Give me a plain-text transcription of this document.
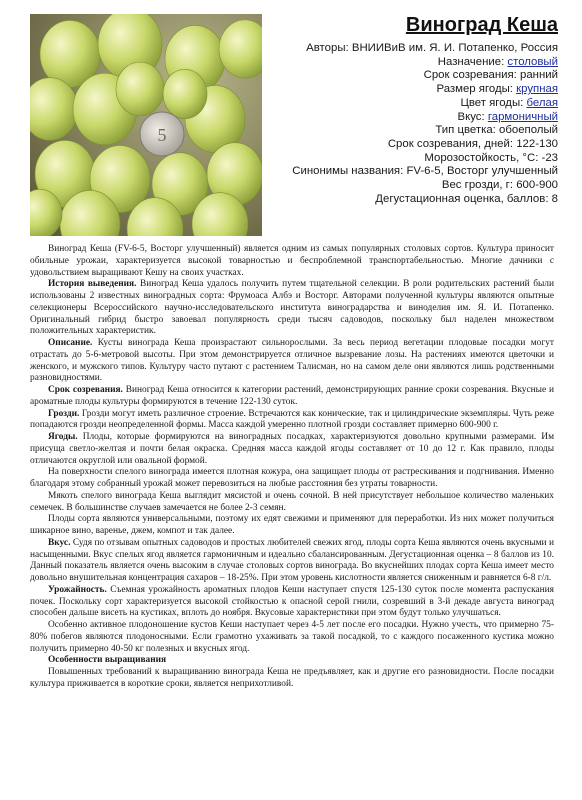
5
Виноград Кеша
Авторы: ВНИИВиВ им. Я. И. Потапенко, Россия
Назначение: столовый
Срок созревания: ранний
Размер ягоды: крупная
Цвет ягоды: белая
Вкус: гармоничный
Тип цветка: обоеполый
Срок созревания, дней: 122-130
Морозостойкость, °С: -23
Синонимы названия: FV-6-5, Восторг улучшенный
Вес грозди, г: 600-900
Дегустационная оценка, баллов: 8

Виноград Кеша (FV-6-5, Восторг улучшенный) является одним из самых популярных столовых сортов. Культура приносит обильные урожаи, характеризуется высокой товарностью и беспроблемной транспортабельностью. Многие дачники с удовольствием выращивают Кешу на своих участках.

История выведения. Виноград Кеша удалось получить путем тщательной селекции. В роли родительских растений были использованы 2 известных виноградных сорта: Фрумоаса Албэ и Восторг. Авторами полученной культуры являются опытные селекционеры Всероссийского научно-исследовательского института виноградарства и виноделия им. Я. И. Потапенко. Оригинальный гибрид быстро завоевал популярность среди тысяч садоводов, поскольку был наделен множеством положительных характеристик.

Описание. Кусты винограда Кеша произрастают сильнорослыми. За весь период вегетации плодовые посадки могут отрастать до 5-6-метровой высоты. При этом демонстрируется отличное вызревание лозы. На растениях имеются цветочки и женского, и мужского типов. Культуру часто путают с растением Талисман, но на самом деле они являются лишь родственными разновидностями.

Срок созревания. Виноград Кеша относится к категории растений, демонстрирующих ранние сроки созревания. Вкусные и ароматные плоды культуры формируются в течение 122-130 суток.

Грозди. Грозди могут иметь различное строение. Встречаются как конические, так и цилиндрические экземпляры. Чуть реже попадаются грозди неопределенной формы. Масса каждой умеренно плотной грозди составляет примерно 600-900 г.

Ягоды. Плоды, которые формируются на виноградных посадках, характеризуются довольно крупными размерами. Им присуща светло-желтая и почти белая окраска. Средняя масса каждой ягоды составляет от 10 до 12 г. Как правило, плоды отличаются округлой или овальной формой.

На поверхности спелого винограда имеется плотная кожура, она защищает плоды от растрескивания и подгнивания. Именно благодаря этому собранный урожай может перевозиться на любые расстояния без утраты товарности.

Мякоть спелого винограда Кеша выглядит мясистой и очень сочной. В ней присутствует небольшое количество маленьких семечек. В большинстве случаев замечается не более 2-3 семян.

Плоды сорта являются универсальными, поэтому их едят свежими и применяют для переработки. Из них может получиться шикарное вино, варенье, джем, компот и так далее.

Вкус. Судя по отзывам опытных садоводов и простых любителей свежих ягод, плоды сорта Кеша являются очень вкусными и насыщенными. Вкус спелых ягод является гармоничным и идеально сбалансированным. Дегустационная оценка – 8 баллов из 10. Данный показатель является очень высоким в случае столовых сортов винограда. Во вкуснейших плодах сорта Кеша имеет место довольно внушительная концентрация сахаров – 18-25%. При этом уровень кислотности является сниженным и равняется 6-8 г/л.

Урожайность. Съемная урожайность ароматных плодов Кеши наступает спустя 125-130 суток после момента распускания почек. Поскольку сорт характеризуется высокой стойкостью к опасной серой гнили, созревший в 3-й декаде августа виноград способен дальше висеть на кустиках, вплоть до ноября. Вкусовые характеристики при этом будут только улучшаться.

Особенно активное плодоношение кустов Кеши наступает через 4-5 лет после его посадки. Нужно учесть, что примерно 75-80% побегов являются плодоносными. Если грамотно ухаживать за такой посадкой, то с каждого посаженного кустика можно получить примерно 40-50 кг полезных и вкусных ягод.

Особенности выращивания

Повышенных требований к выращиванию винограда Кеша не предъявляет, как и другие его разновидности. После посадки культура приживается в короткие сроки, является неприхотливой.
